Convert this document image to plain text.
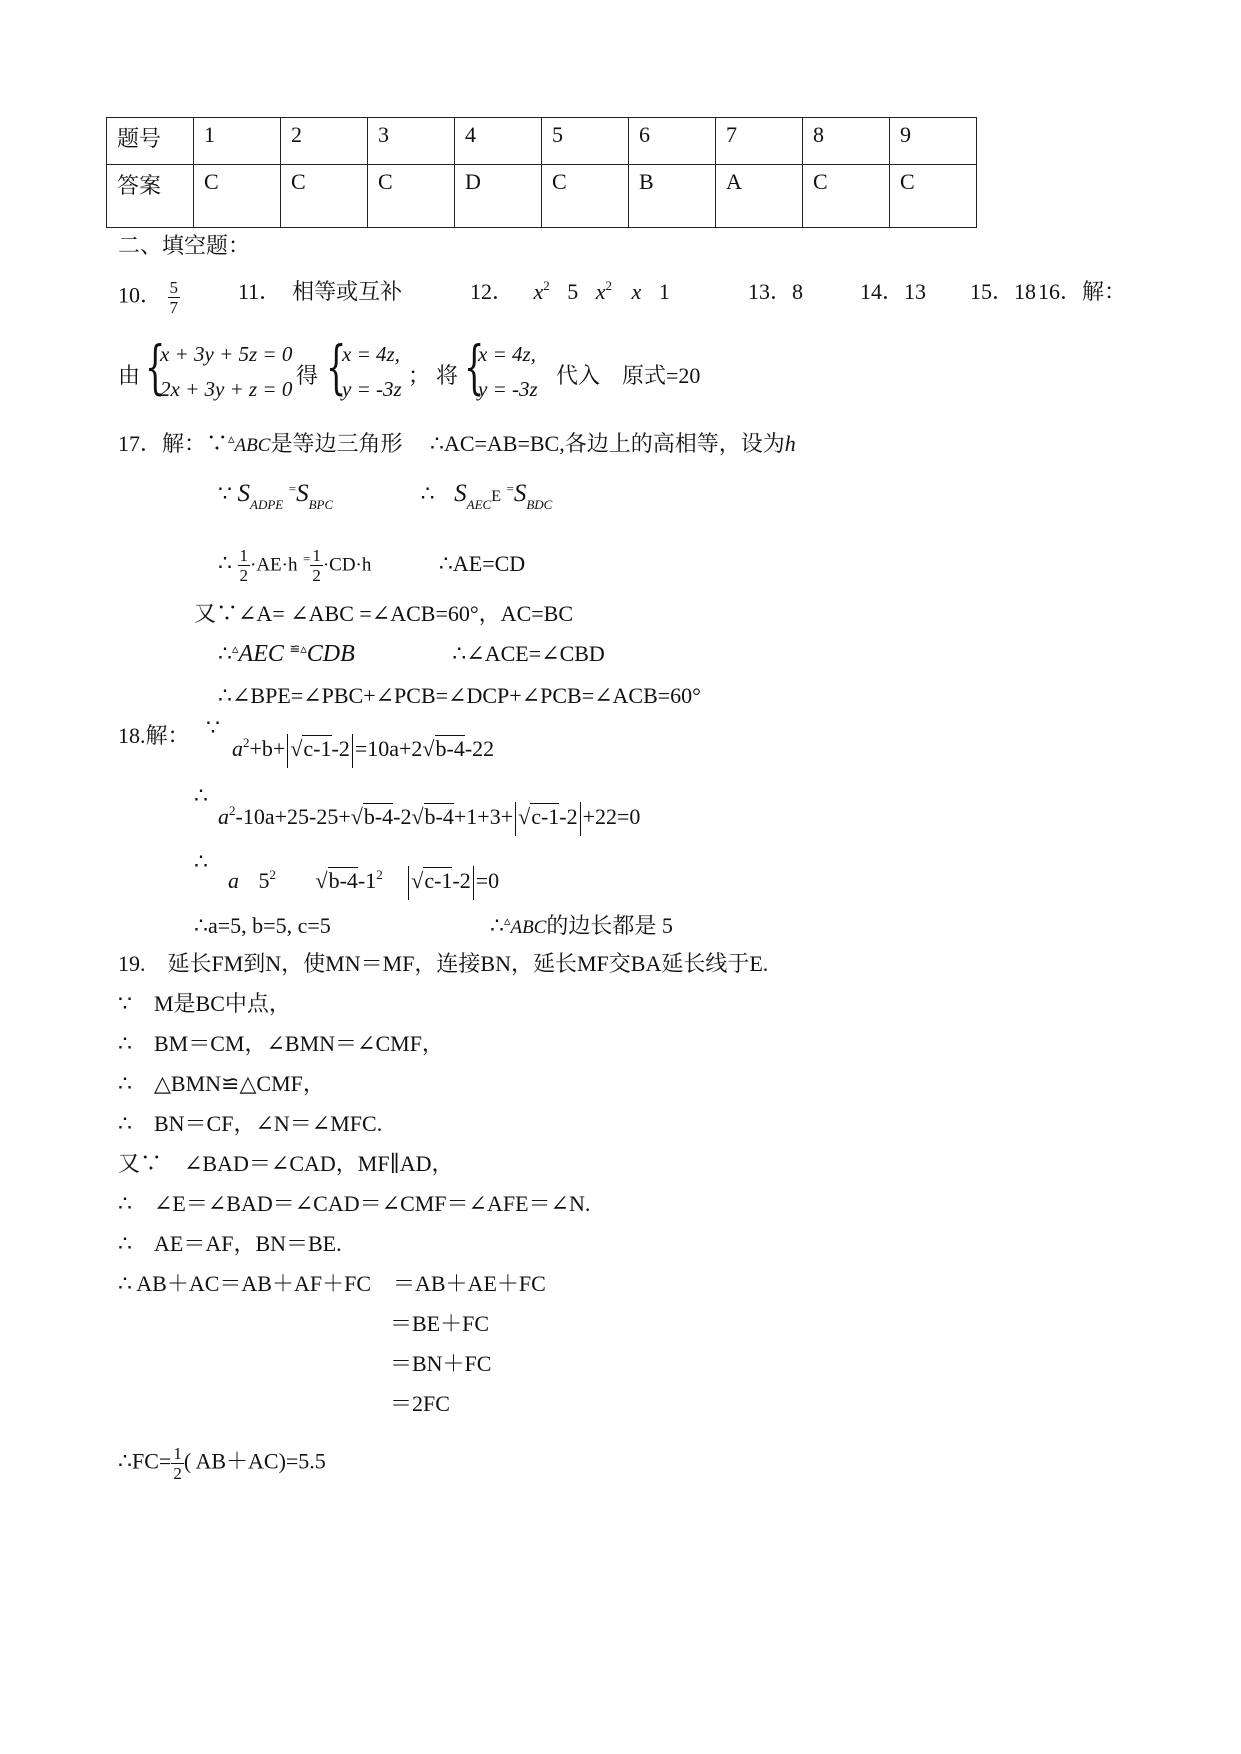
题号	1	2	3	4	5	6	7	8	9
答案	C	C	C	D	C	B	A	C	C
二、填空题：
10． $\frac{5}{7}$	11．　相等或互补	12． $x^2$ 5 $x^2$ x 1	13．8	14．13 15．18 16．解：
由 {
x + 3y + 5z = 0
2x + 3y + z = 0
得 {
x = 4z,
y = -3z
； 将 {
x = 4z,
y = -3z
代入　原式=20
17．解：∵▵ABC是等边三角形 ∴AC=AB=BC,各边上的高相等，设为h
∵ $S_{ADPE}$ $^=S_{BPC}$	∴ $S_{AEC}E$ $^=S_{BDC}$
∴ $\frac{1}{2} \cdot AE\cdot h$ $^= \frac{1}{2} \cdot CD\cdot h$	∴AE=CD
又∵∠A= ∠ABC =∠ACB=60°，AC=BC
∴▵AEC ≌▵CDB	∴∠ACE=∠CBD
∴∠BPE=∠PBC+∠PCB=∠DCP+∠PCB=∠ACB=60°
18.解： ∵
$a^2+b+ √c-1-2 =10a+2√b-4-22$
∴
$a^2-10a+25-25+√b-4-2√b-4+1+3+ √c-1-2 +22=0$
∴
a $5^2$ $√b-4-1^2$ √c-1-2 =0
∴a=5, b=5, c=5	∴▵ABC的边长都是 5
19.　延长FM到N，使MN＝MF，连接BN，延长MF交BA延长线于E.
∵　M是BC中点，
∴　BM＝CM，∠BMN＝∠CMF，
∴　△BMN≌△CMF，
∴　BN＝CF，∠N＝∠MFC.
又∵　∠BAD＝∠CAD，MF∥AD，
∴　∠E＝∠BAD＝∠CAD＝∠CMF＝∠AFE＝∠N.
∴　AE＝AF，BN＝BE.
∴ AB＋AC＝AB＋AF＋FC　＝AB＋AE＋FC
＝BE＋FC
＝BN＋FC
＝2FC
∴FC= $\frac{1}{2}$ ( AB＋AC)=5.5
